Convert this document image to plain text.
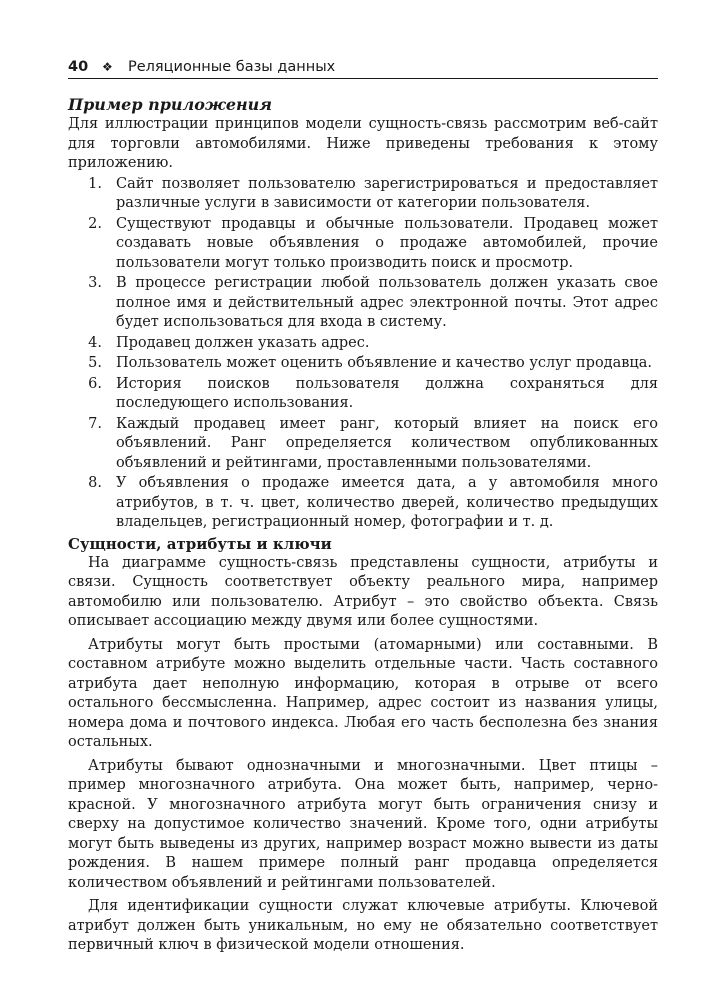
40	❖	Реляционные базы данных

Пример приложения

Для иллюстрации принципов модели сущность-связь рассмотрим веб-сайт для торговли автомобилями. Ниже приведены требования к этому приложению.

1. Сайт позволяет пользователю зарегистрироваться и предоставляет различные услуги в зависимости от категории пользователя.
2. Существуют продавцы и обычные пользователи. Продавец может создавать новые объявления о продаже автомобилей, прочие пользователи могут только производить поиск и просмотр.
3. В процессе регистрации любой пользователь должен указать свое полное имя и действительный адрес электронной почты. Этот адрес будет использоваться для входа в систему.
4. Продавец должен указать адрес.
5. Пользователь может оценить объявление и качество услуг продавца.
6. История поисков пользователя должна сохраняться для последующего использования.
7. Каждый продавец имеет ранг, который влияет на поиск его объявлений. Ранг определяется количеством опубликованных объявлений и рейтингами, проставленными пользователями.
8. У объявления о продаже имеется дата, а у автомобиля много атрибутов, в т. ч. цвет, количество дверей, количество предыдущих владельцев, регистрационный номер, фотографии и т. д.

Сущности, атрибуты и ключи

На диаграмме сущность-связь представлены сущности, атрибуты и связи. Сущность соответствует объекту реального мира, например автомобилю или пользователю. Атрибут – это свойство объекта. Связь описывает ассоциацию между двумя или более сущностями.

Атрибуты могут быть простыми (атомарными) или составными. В составном атрибуте можно выделить отдельные части. Часть составного атрибута дает неполную информацию, которая в отрыве от всего остального бессмысленна. Например, адрес состоит из названия улицы, номера дома и почтового индекса. Любая его часть бесполезна без знания остальных.

Атрибуты бывают однозначными и многозначными. Цвет птицы – пример многозначного атрибута. Она может быть, например, черно-красной. У многозначного атрибута могут быть ограничения снизу и сверху на допустимое количество значений. Кроме того, одни атрибуты могут быть выведены из других, например возраст можно вывести из даты рождения. В нашем примере полный ранг продавца определяется количеством объявлений и рейтингами пользователей.

Для идентификации сущности служат ключевые атрибуты. Ключевой атрибут должен быть уникальным, но ему не обязательно соответствует первичный ключ в физической модели отношения.
